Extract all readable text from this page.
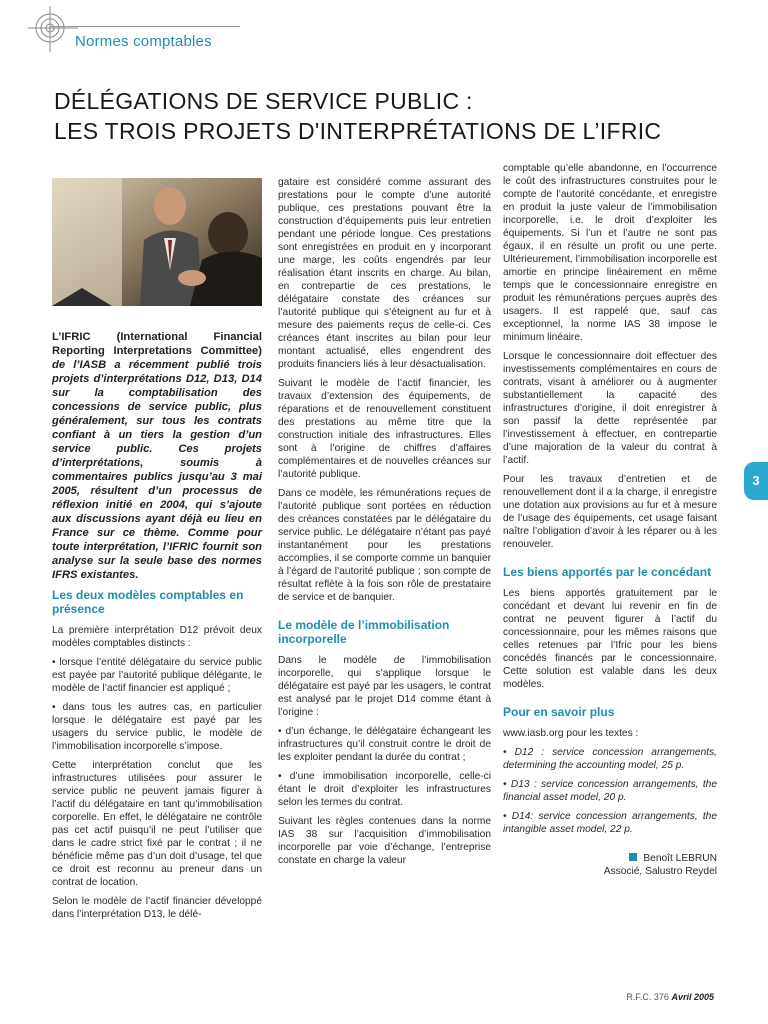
Normes comptables
DÉLÉGATIONS DE SERVICE PUBLIC :
LES TROIS PROJETS D'INTERPRÉTATIONS DE L’IFRIC

L’IFRIC (International Financial Reporting Interpretations Committee) de l’IASB a récemment publié trois projets d’interprétations D12, D13, D14 sur la comptabilisation des concessions de service public, plus généralement, sur tous les contrats confiant à un tiers la gestion d’un service public. Ces projets d’interprétations, soumis à commentaires publics jusqu’au 3 mai 2005, résultent d’un processus de réflexion initié en 2004, qui s’ajoute aux discussions ayant déjà eu lieu en France sur ce thème. Comme pour toute interprétation, l’IFRIC fournit son analyse sur la seule base des normes IFRS existantes.

Les deux modèles comptables en présence

La première interprétation D12 prévoit deux modèles comptables distincts :

• lorsque l’entité délégataire du service public est payée par l’autorité publique délégante, le modèle de l’actif financier est appliqué ;

• dans tous les autres cas, en particulier lorsque le délégataire est payé par les usagers du service public, le modèle de l’immobilisation incorporelle s’impose.

Cette interprétation conclut que les infrastructures utilisées pour assurer le service public ne peuvent jamais figurer à l’actif du délégataire en tant qu’immobilisation corporelle. En effet, le délégataire ne contrôle pas cet actif puisqu’il ne peut l’utiliser que dans le cadre strict fixé par le contrat ; il ne bénéficie même pas d’un doit d’usage, tel que ce droit est reconnu au preneur dans un contrat de location.

Selon le modèle de l’actif financier développé dans l’interprétation D13, le délé-

gataire est considéré comme assurant des prestations pour le compte d’une autorité publique, ces prestations pouvant être la construction d’équipements puis leur entretien pendant une période longue. Ces prestations sont enregistrées en produit en y incorporant une marge, les coûts engendrés par leur réalisation étant inscrits en charge. Au bilan, en contrepartie de ces prestations, le délégataire constate des créances sur l’autorité publique qui s’éteignent au fur et à mesure des paiements reçus de celle-ci. Ces créances étant inscrites au bilan pour leur montant actualisé, elles engendrent des produits financiers liés à leur désactualisation.

Suivant le modèle de l’actif financier, les travaux d’extension des équipements, de réparations et de renouvellement constituent des prestations au même titre que la construction initiale des infrastructures. Elles sont à l’origine de chiffres d’affaires complémentaires et de nouvelles créances sur l’autorité publique.

Dans ce modèle, les rémunérations reçues de l’autorité publique sont portées en réduction des créances constatées par le délégataire du service public. Le délégataire n’étant pas payé instantanément pour les prestations accomplies, il se comporte comme un banquier à l’égard de l’autorité publique ; son compte de résultat reflète à la fois son rôle de prestataire de service et de banquier.

Le modèle de l’immobilisation incorporelle

Dans le modèle de l’immobilisation incorporelle, qui s’applique lorsque le délégataire est payé par les usagers, le contrat est analysé par le projet D14 comme étant à l’origine :

• d’un échange, le délégataire échangeant les infrastructures qu’il construit contre le droit de les exploiter pendant la durée du contrat ;

• d’une immobilisation incorporelle, celle-ci étant le droit d’exploiter les infrastructures selon les termes du contrat.

Suivant les règles contenues dans la norme IAS 38 sur l’acquisition d’immobilisation incorporelle par voie d’échange, l’entreprise constate en charge la valeur

comptable qu’elle abandonne, en l’occurrence le coût des infrastructures construites pour le compte de l’autorité concédante, et enregistre en produit la juste valeur de l’immobilisation incorporelle, i.e. le droit d’exploiter les équipements. Si l’un et l’autre ne sont pas égaux, il en résulte un profit ou une perte. Ultérieurement, l’immobilisation incorporelle est amortie en principe linéairement en même temps que le concessionnaire enregistre en produit les rémunérations perçues auprès des usagers. Il est rappelé que, sauf cas exceptionnel, la norme IAS 38 impose le minimum linéaire.

Lorsque le concessionnaire doit effectuer des investissements complémentaires en cours de contrats, visant à améliorer ou à augmenter substantiellement la capacité des infrastructures d’origine, il doit enregistrer à son passif la dette représentée par l’investissement à effectuer, en contrepartie d’une majoration de la valeur du contrat à l’actif.

Pour les travaux d’entretien et de renouvellement dont il a la charge, il enregistre une dotation aux provisions au fur et à mesure de l’usage des équipements, cet usage faisant naître l’obligation d’avoir à les réparer ou à les renouveler.

Les biens apportés par le concédant

Les biens apportés gratuitement par le concédant et devant lui revenir en fin de contrat ne peuvent figurer à l’actif du concessionnaire, pour les mêmes raisons que celles retenues par l’Ifric pour les biens concédés financés par le concessionnaire. Cette solution est valable dans les deux modèles.

Pour en savoir plus

www.iasb.org pour les textes :

• D12 : service concession arrangements, determining the accounting model, 25 p.

• D13 : service concession arrangements, the financial asset model, 20 p.

• D14: service concession arrangements, the intangible asset model, 22 p.

Benoît LEBRUN

Associé, Salustro Reydel

3
R.F.C. 376 Avril 2005
